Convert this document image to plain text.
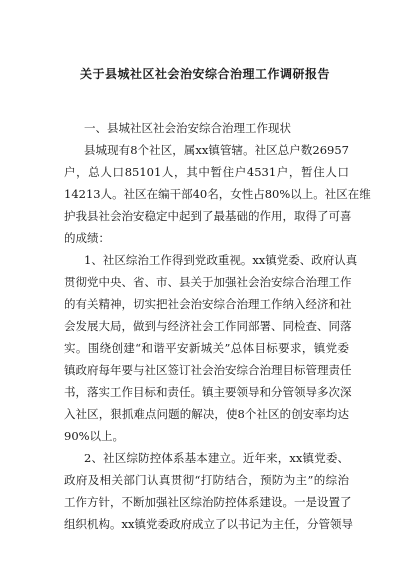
关于县城社区社会治安综合治理工作调研报告
一、县城社区社会治安综合治理工作现状
县城现有8个社区，属xx镇管辖。社区总户数26957
户，总人口85101人，其中暂住户4531户，暂住人口
14213人。社区在编干部40名，女性占80%以上。社区在维
护我县社会治安稳定中起到了最基础的作用，取得了可喜
的成绩：
1、社区综治工作得到党政重视。xx镇党委、政府认真
贯彻党中央、省、市、县关于加强社会治安综合治理工作
的有关精神，切实把社会治安综合治理工作纳入经济和社
会发展大局，做到与经济社会工作同部署、同检查、同落
实。围绕创建“和谐平安新城关”总体目标要求，镇党委
镇政府每年要与社区签订社会治安综合治理目标管理责任
书，落实工作目标和责任。镇主要领导和分管领导多次深
入社区，狠抓难点问题的解决，使8个社区的创安率均达
90%以上。
2、社区综防控体系基本建立。近年来，xx镇党委、
政府及相关部门认真贯彻“打防结合，预防为主”的综治
工作方针，不断加强社区综治防控体系建设。一是设置了
组织机构。xx镇党委政府成立了以书记为主任，分管领导
